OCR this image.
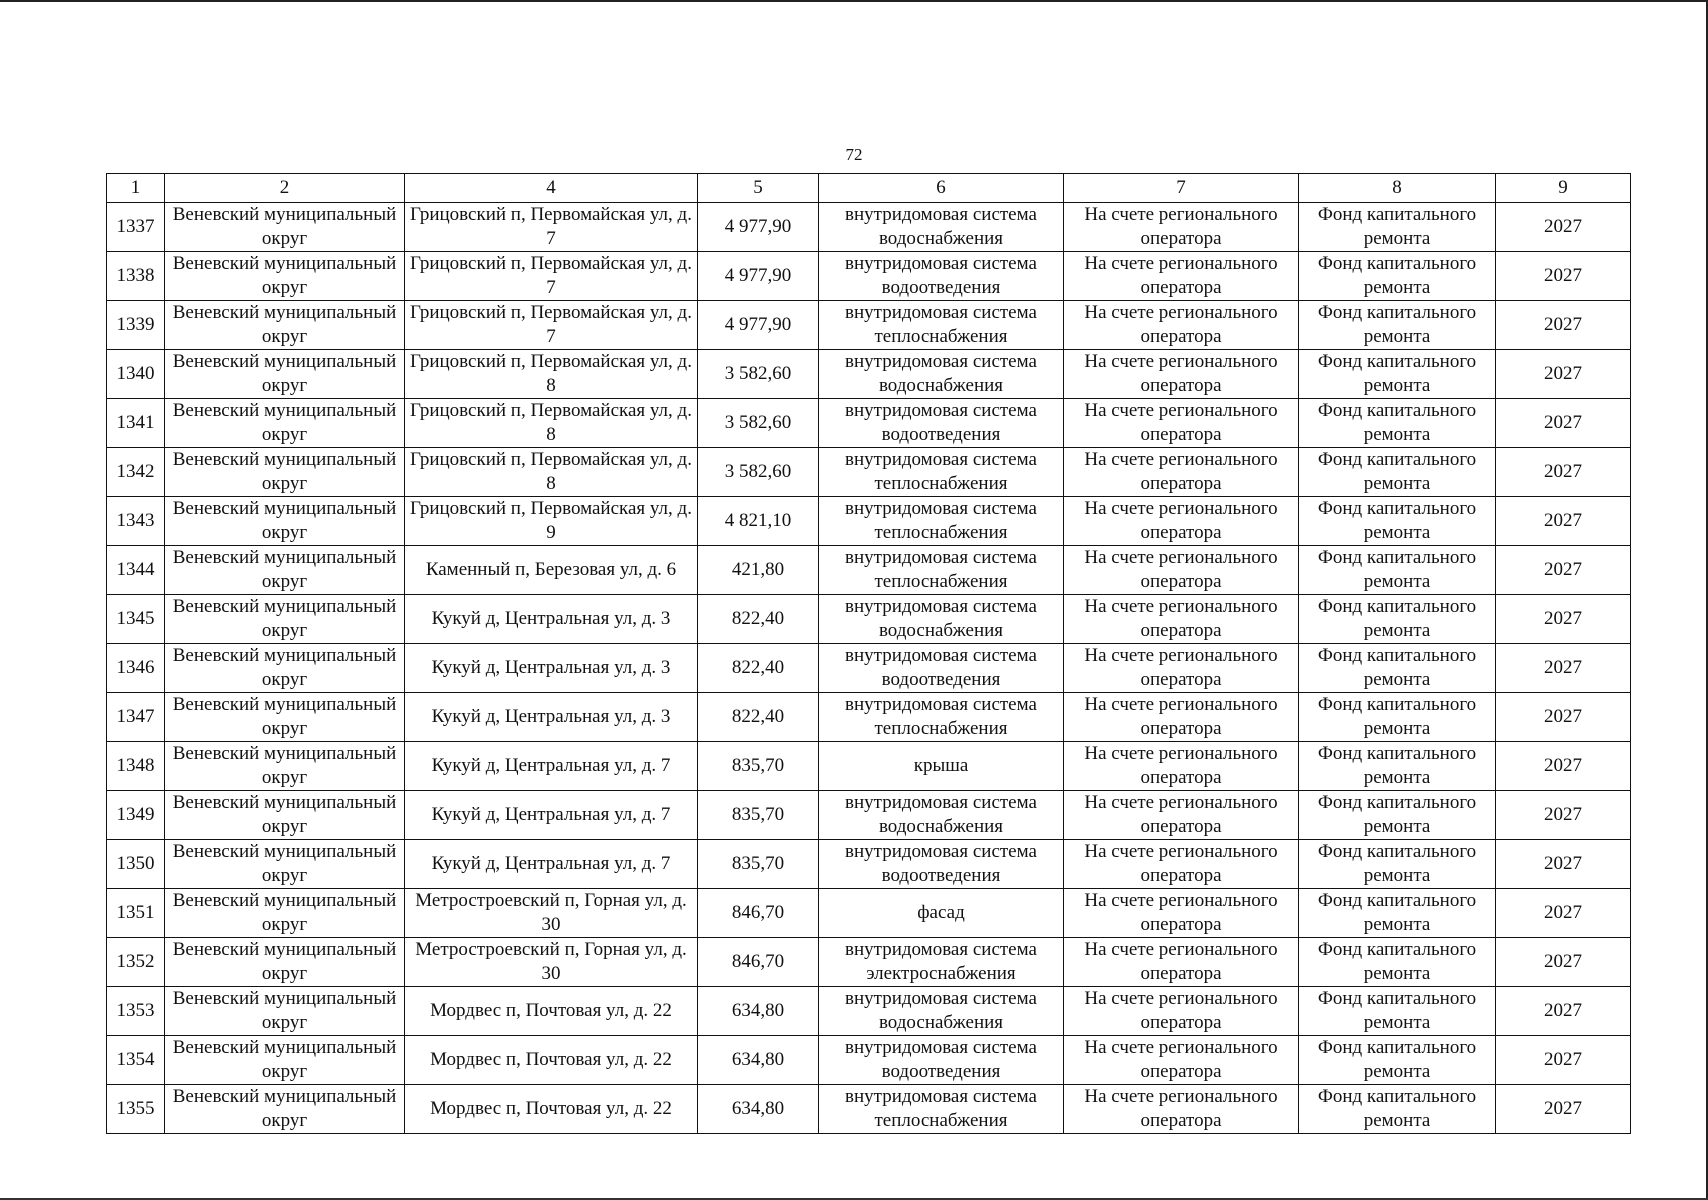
72
1	2	4	5	6	7	8	9
1337	Веневский муниципальный округ	Грицовский п, Первомайская ул, д. 7	4 977,90	внутридомовая система водоснабжения	На счете регионального оператора	Фонд капитального ремонта	2027
1338	Веневский муниципальный округ	Грицовский п, Первомайская ул, д. 7	4 977,90	внутридомовая система водоотведения	На счете регионального оператора	Фонд капитального ремонта	2027
1339	Веневский муниципальный округ	Грицовский п, Первомайская ул, д. 7	4 977,90	внутридомовая система теплоснабжения	На счете регионального оператора	Фонд капитального ремонта	2027
1340	Веневский муниципальный округ	Грицовский п, Первомайская ул, д. 8	3 582,60	внутридомовая система водоснабжения	На счете регионального оператора	Фонд капитального ремонта	2027
1341	Веневский муниципальный округ	Грицовский п, Первомайская ул, д. 8	3 582,60	внутридомовая система водоотведения	На счете регионального оператора	Фонд капитального ремонта	2027
1342	Веневский муниципальный округ	Грицовский п, Первомайская ул, д. 8	3 582,60	внутридомовая система теплоснабжения	На счете регионального оператора	Фонд капитального ремонта	2027
1343	Веневский муниципальный округ	Грицовский п, Первомайская ул, д. 9	4 821,10	внутридомовая система теплоснабжения	На счете регионального оператора	Фонд капитального ремонта	2027
1344	Веневский муниципальный округ	Каменный п, Березовая ул, д. 6	421,80	внутридомовая система теплоснабжения	На счете регионального оператора	Фонд капитального ремонта	2027
1345	Веневский муниципальный округ	Кукуй д, Центральная ул, д. 3	822,40	внутридомовая система водоснабжения	На счете регионального оператора	Фонд капитального ремонта	2027
1346	Веневский муниципальный округ	Кукуй д, Центральная ул, д. 3	822,40	внутридомовая система водоотведения	На счете регионального оператора	Фонд капитального ремонта	2027
1347	Веневский муниципальный округ	Кукуй д, Центральная ул, д. 3	822,40	внутридомовая система теплоснабжения	На счете регионального оператора	Фонд капитального ремонта	2027
1348	Веневский муниципальный округ	Кукуй д, Центральная ул, д. 7	835,70	крыша	На счете регионального оператора	Фонд капитального ремонта	2027
1349	Веневский муниципальный округ	Кукуй д, Центральная ул, д. 7	835,70	внутридомовая система водоснабжения	На счете регионального оператора	Фонд капитального ремонта	2027
1350	Веневский муниципальный округ	Кукуй д, Центральная ул, д. 7	835,70	внутридомовая система водоотведения	На счете регионального оператора	Фонд капитального ремонта	2027
1351	Веневский муниципальный округ	Метростроевский п, Горная ул, д. 30	846,70	фасад	На счете регионального оператора	Фонд капитального ремонта	2027
1352	Веневский муниципальный округ	Метростроевский п, Горная ул, д. 30	846,70	внутридомовая система электроснабжения	На счете регионального оператора	Фонд капитального ремонта	2027
1353	Веневский муниципальный округ	Мордвес п, Почтовая ул, д. 22	634,80	внутридомовая система водоснабжения	На счете регионального оператора	Фонд капитального ремонта	2027
1354	Веневский муниципальный округ	Мордвес п, Почтовая ул, д. 22	634,80	внутридомовая система водоотведения	На счете регионального оператора	Фонд капитального ремонта	2027
1355	Веневский муниципальный округ	Мордвес п, Почтовая ул, д. 22	634,80	внутридомовая система теплоснабжения	На счете регионального оператора	Фонд капитального ремонта	2027
